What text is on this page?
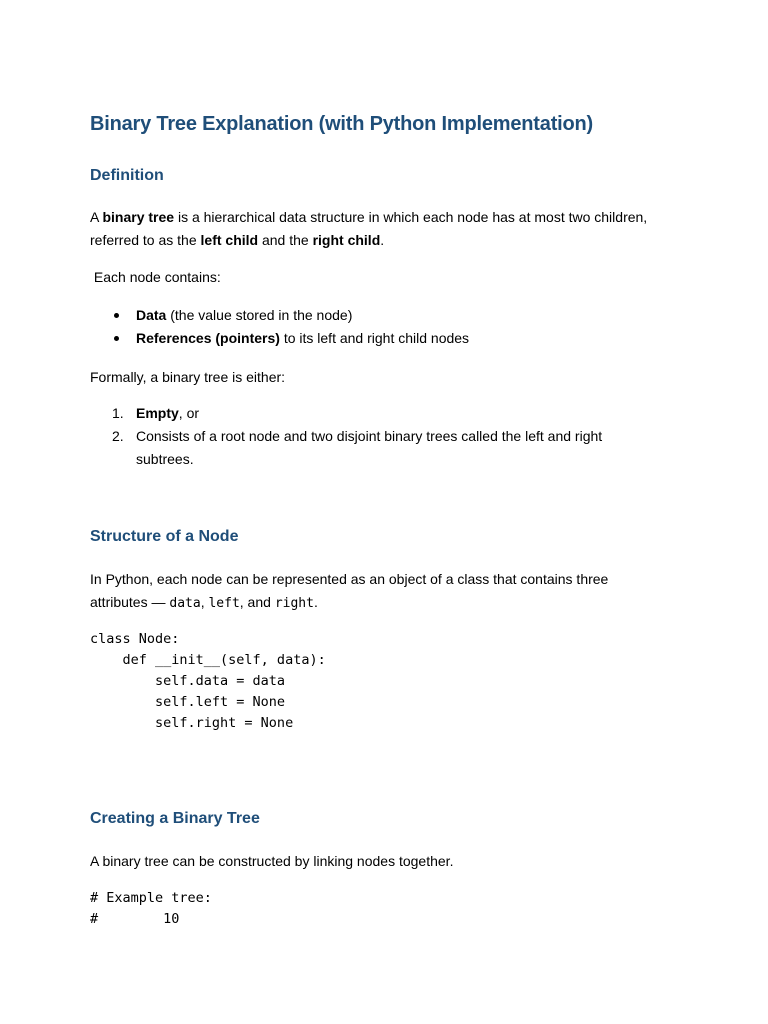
Binary Tree Explanation (with Python Implementation)
Definition

A binary tree is a hierarchical data structure in which each node has at most two children, referred to as the left child and the right child.

Each node contains:

Data (the value stored in the node)
References (pointers) to its left and right child nodes

Formally, a binary tree is either:

1. Empty, or
2. Consists of a root node and two disjoint binary trees called the left and right subtrees.
Structure of a Node

In Python, each node can be represented as an object of a class that contains three attributes — data, left, and right.

class Node:
def __init__(self, data):
self.data = data
self.left = None
self.right = None
Creating a Binary Tree

A binary tree can be constructed by linking nodes together.

# Example tree:
#        10
